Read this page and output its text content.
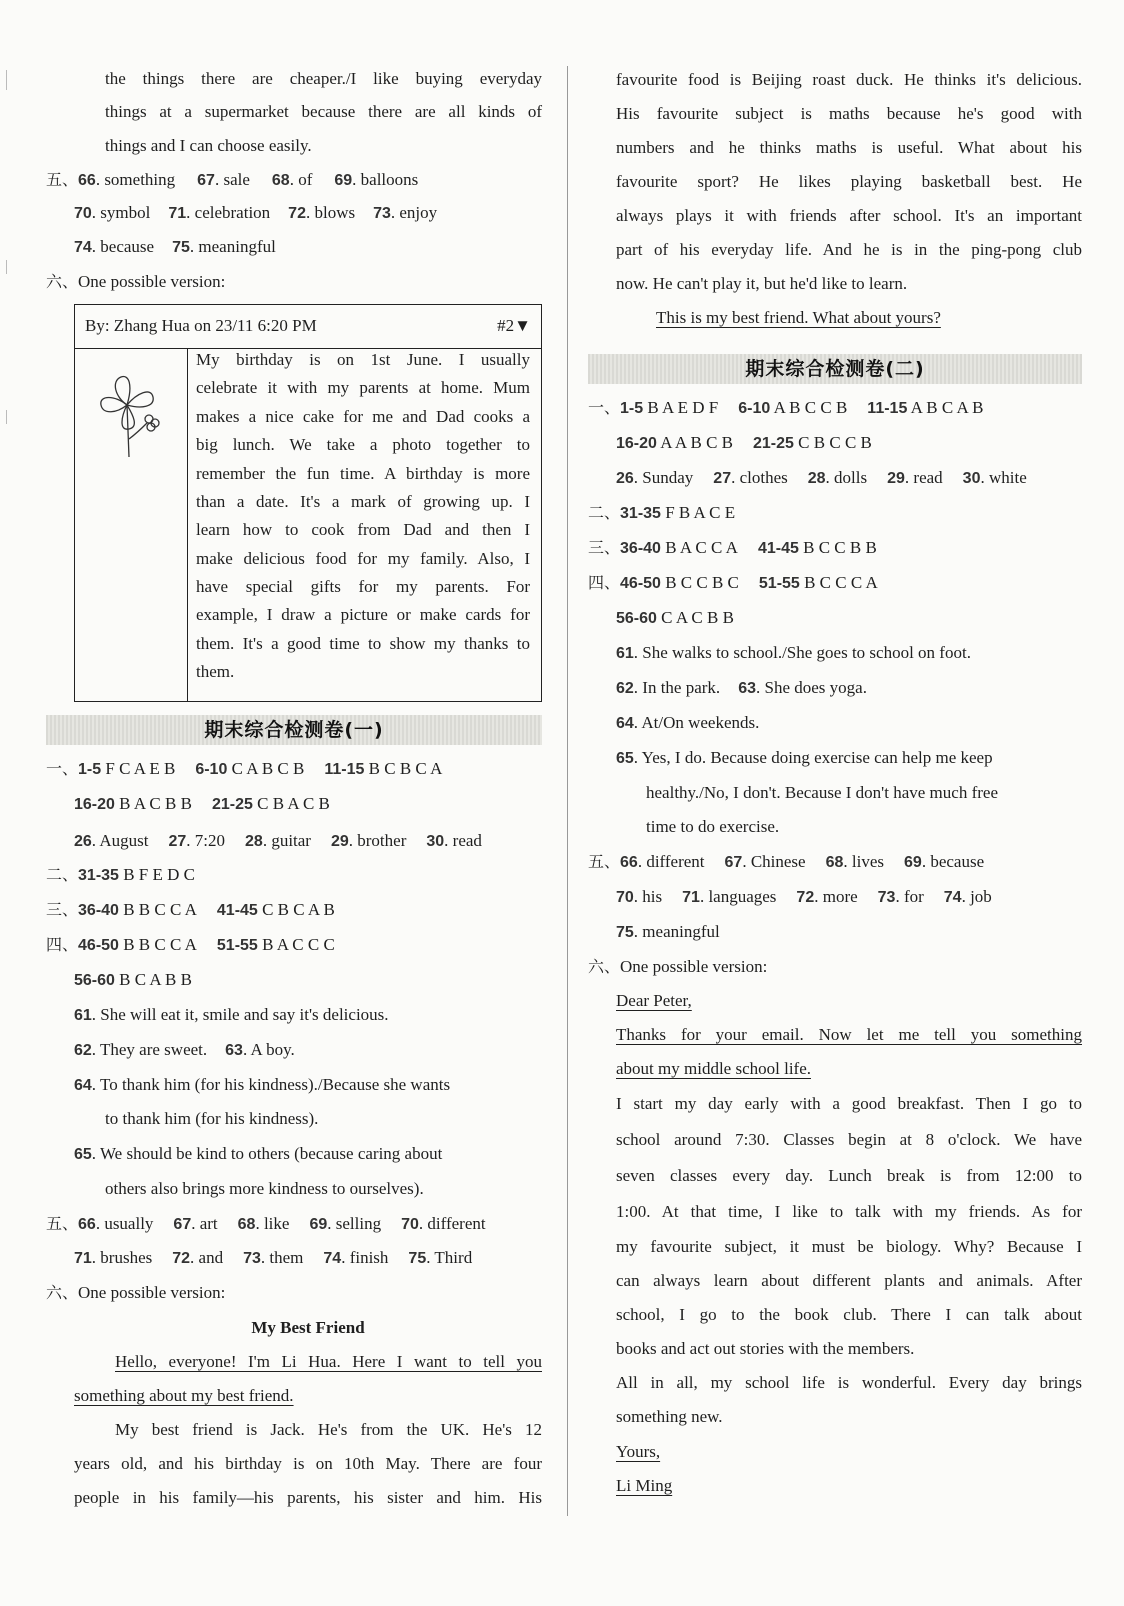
the things there are cheaper./I like buying everyday
things at a supermarket because there are all kinds of
things and I can choose easily.
五、66. something 67. sale 68. of 69. balloons
70. symbol 71. celebration 72. blows 73. enjoy
74. because 75. meaningful
六、One possible version:
By: Zhang Hua on 23/11 6:20 PM	#2▼
My birthday is on 1st June. I usually
celebrate it with my parents at home. Mum
makes a nice cake for me and Dad cooks a
big lunch. We take a photo together to
remember the fun time. A birthday is more
than a date. It's a mark of growing up. I
learn how to cook from Dad and then I
make delicious food for my family. Also, I
have special gifts for my parents. For
example, I draw a picture or make cards for
them. It's a good time to show my thanks to
them.
期末综合检测卷(一)
一、1-5 F C A E B 6-10 C A B C B 11-15 B C B C A
16-20 B A C B B 21-25 C B A C B
26. August 27. 7:20 28. guitar 29. brother 30. read
二、31-35 B F E D C
三、36-40 B B C C A 41-45 C B C A B
四、46-50 B B C C A 51-55 B A C C C
56-60 B C A B B
61. She will eat it, smile and say it's delicious.
62. They are sweet. 63. A boy.
64. To thank him (for his kindness)./Because she wants
to thank him (for his kindness).
65. We should be kind to others (because caring about
others also brings more kindness to ourselves).
五、66. usually 67. art 68. like 69. selling 70. different
71. brushes 72. and 73. them 74. finish 75. Third
六、One possible version:
My Best Friend
Hello, everyone! I'm Li Hua. Here I want to tell you
something about my best friend.
My best friend is Jack. He's from the UK. He's 12
years old, and his birthday is on 10th May. There are four
people in his family—his parents, his sister and him. His
favourite food is Beijing roast duck. He thinks it's delicious.
His favourite subject is maths because he's good with
numbers and he thinks maths is useful. What about his
favourite sport? He likes playing basketball best. He
always plays it with friends after school. It's an important
part of his everyday life. And he is in the ping-pong club
now. He can't play it, but he'd like to learn.
This is my best friend. What about yours?
期末综合检测卷(二)
一、1-5 B A E D F 6-10 A B C C B 11-15 A B C A B
16-20 A A B C B 21-25 C B C C B
26. Sunday 27. clothes 28. dolls 29. read 30. white
二、31-35 F B A C E
三、36-40 B A C C A 41-45 B C C B B
四、46-50 B C C B C 51-55 B C C C A
56-60 C A C B B
61. She walks to school./She goes to school on foot.
62. In the park. 63. She does yoga.
64. At/On weekends.
65. Yes, I do. Because doing exercise can help me keep
healthy./No, I don't. Because I don't have much free
time to do exercise.
五、66. different 67. Chinese 68. lives 69. because
70. his 71. languages 72. more 73. for 74. job
75. meaningful
六、One possible version:
Dear Peter,
Thanks for your email. Now let me tell you something
about my middle school life.
I start my day early with a good breakfast. Then I go to
school around 7:30. Classes begin at 8 o'clock. We have
seven classes every day. Lunch break is from 12:00 to
1:00. At that time, I like to talk with my friends. As for
my favourite subject, it must be biology. Why? Because I
can always learn about different plants and animals. After
school, I go to the book club. There I can talk about
books and act out stories with the members.
All in all, my school life is wonderful. Every day brings
something new.
Yours,
Li Ming
